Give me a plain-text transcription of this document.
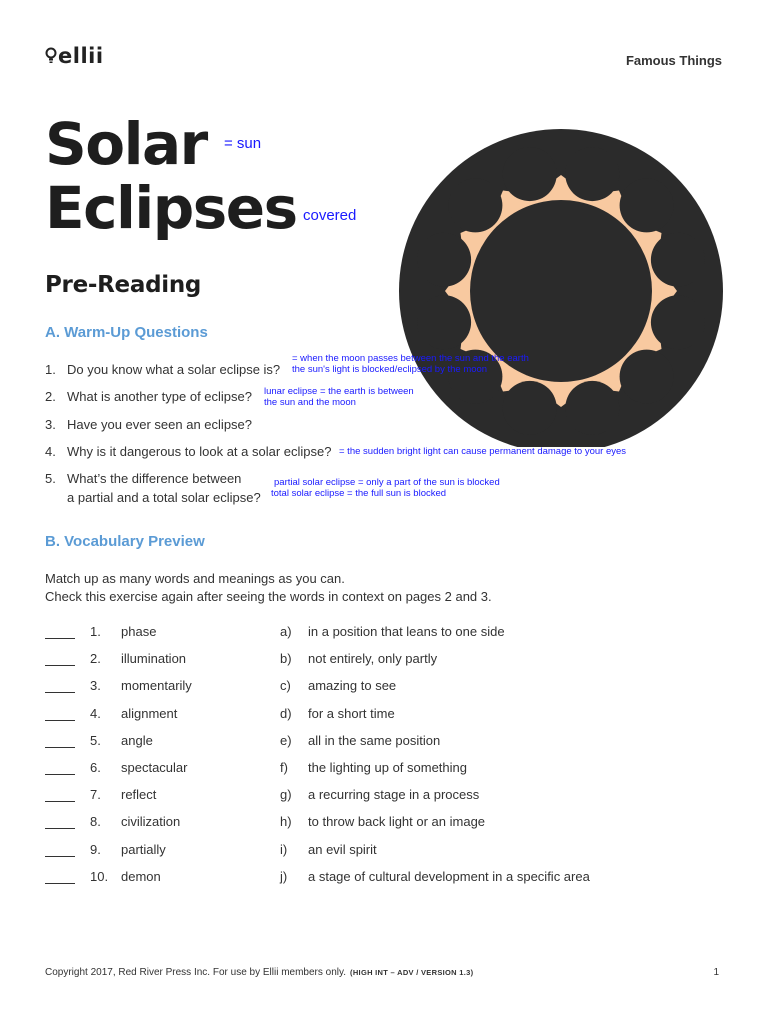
ellii	Famous Things
Solar
Eclipses
= sun
covered
Pre-Reading
A. Warm-Up Questions
1. Do you know what a solar eclipse is?
2. What is another type of eclipse?
3. Have you ever seen an eclipse?
4. Why is it dangerous to look at a solar eclipse?
5. What’s the difference between
a partial and a total solar eclipse?
= when the moon passes between the sun and the earth
the sun's light is blocked/eclipsed by the moon
lunar eclipse = the earth is between
the sun and the moon
= the sudden bright light can cause permanent damage to your eyes
partial solar eclipse = only a part of the sun is blocked
total solar eclipse = the full sun is blocked
B. Vocabulary Preview
Match up as many words and meanings as you can.
Check this exercise again after seeing the words in context on pages 2 and 3.
1. phase	a) in a position that leans to one side
2. illumination	b) not entirely, only partly
3. momentarily	c) amazing to see
4. alignment	d) for a short time
5. angle	e) all in the same position
6. spectacular	f) the lighting up of something
7. reflect	g) a recurring stage in a process
8. civilization	h) to throw back light or an image
9. partially	i) an evil spirit
10. demon	j) a stage of cultural development in a specific area
Copyright 2017, Red River Press Inc. For use by Ellii members only. (HIGH INT – ADV / VERSION 1.3)	1
